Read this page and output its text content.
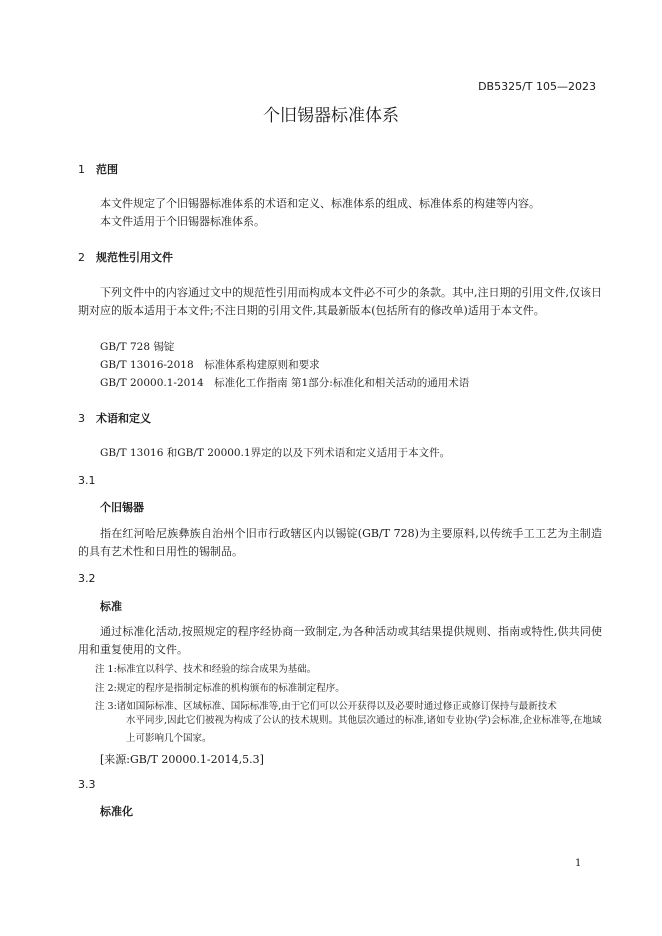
DB5325/T 105—2023
个旧锡器标准体系
1 范围
本文件规定了个旧锡器标准体系的术语和定义、标准体系的组成、标准体系的构建等内容。
本文件适用于个旧锡器标准体系。
2 规范性引用文件
下列文件中的内容通过文中的规范性引用而构成本文件必不可少的条款。其中,注日期的引用文件,仅该日期对应的版本适用于本文件;不注日期的引用文件,其最新版本(包括所有的修改单)适用于本文件。
GB/T 728 锡锭
GB/T 13016-2018　标准体系构建原则和要求
GB/T 20000.1-2014　标准化工作指南 第1部分:标准化和相关活动的通用术语
3 术语和定义
GB/T 13016 和GB/T 20000.1界定的以及下列术语和定义适用于本文件。
3.1
个旧锡器
指在红河哈尼族彝族自治州个旧市行政辖区内以锡锭(GB/T 728)为主要原料,以传统手工工艺为主制造的具有艺术性和日用性的锡制品。
3.2
标准
通过标准化活动,按照规定的程序经协商一致制定,为各种活动或其结果提供规则、指南或特性,供共同使用和重复使用的文件。
注 1:标准宜以科学、技术和经验的综合成果为基础。
注 2:规定的程序是指制定标准的机构颁布的标准制定程序。
注 3:诸如国际标准、区域标准、国际标准等,由于它们可以公开获得以及必要时通过修正或修订保持与最新技术
水平同步,因此它们被视为构成了公认的技术规则。其他层次通过的标准,诸如专业协(学)会标准,企业标准等,在地域上可影响几个国家。
[来源:GB/T 20000.1-2014,5.3]
3.3
标准化
1
